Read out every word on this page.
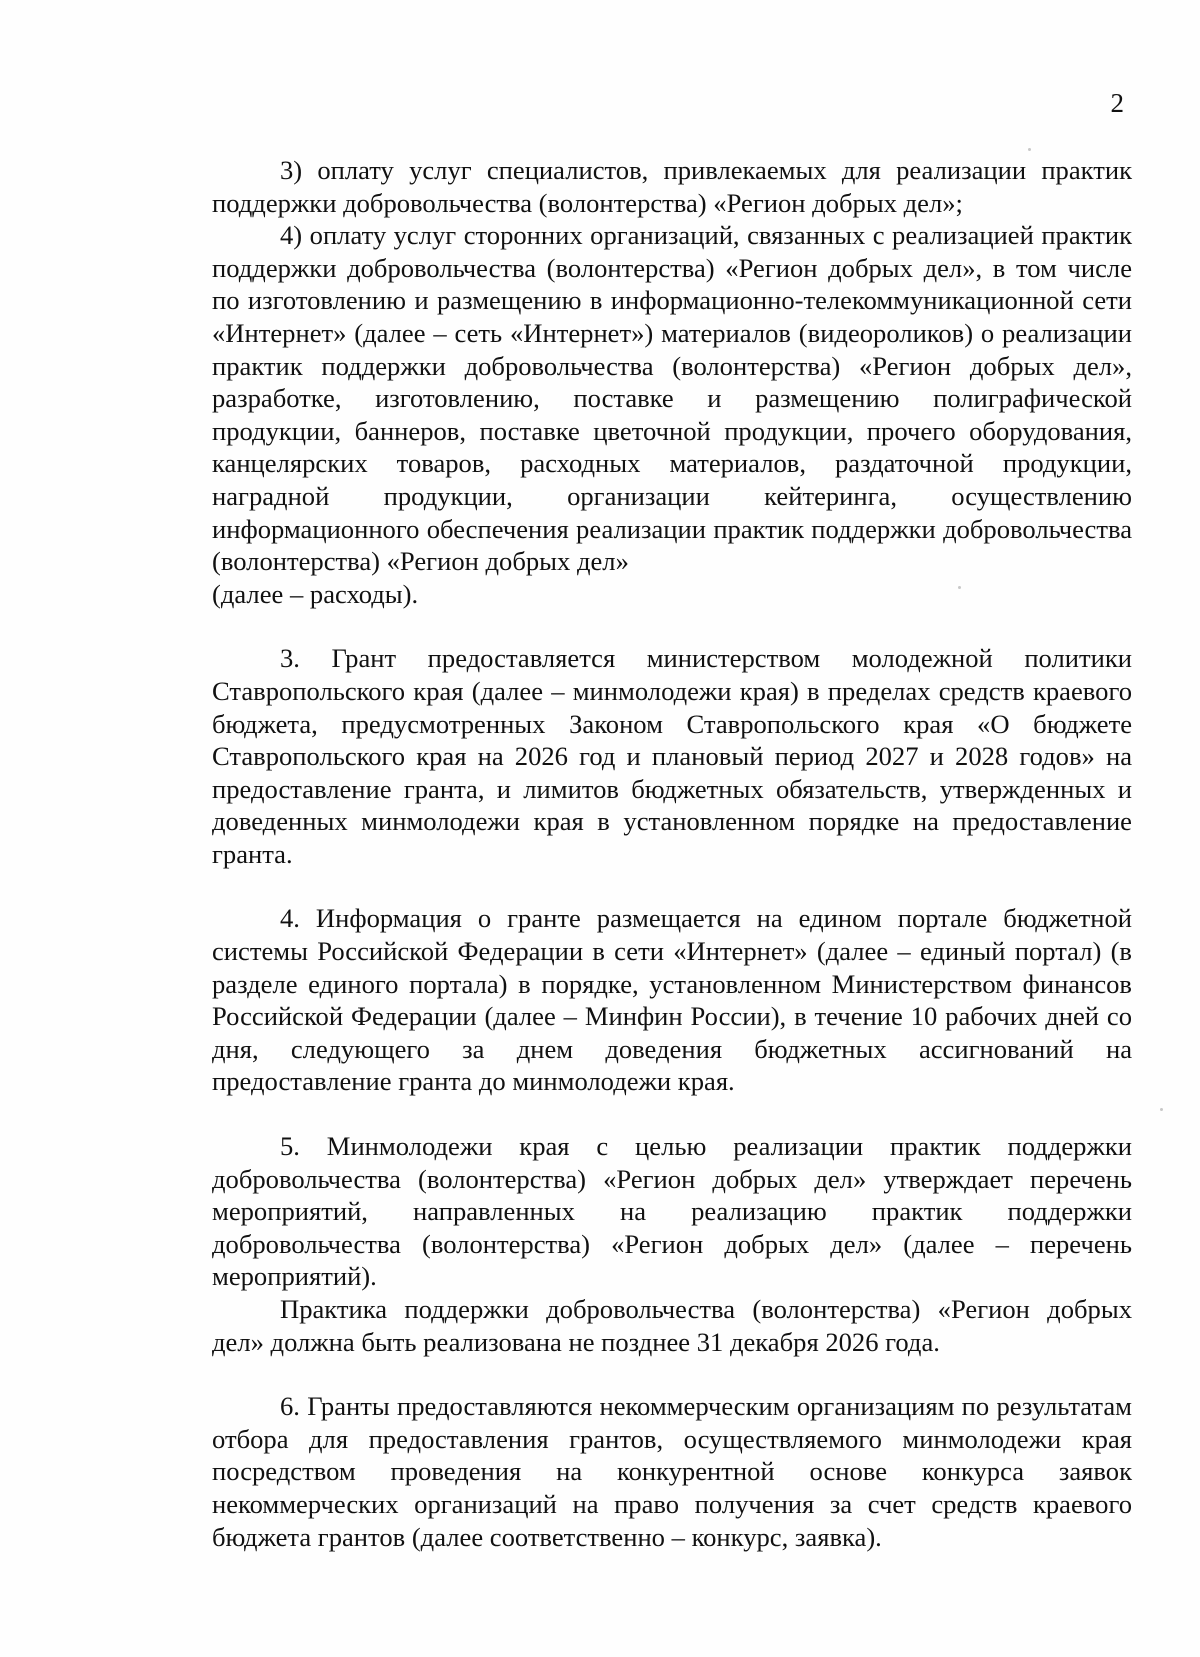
2

3) оплату услуг специалистов, привлекаемых для реализации практик поддержки добровольчества (волонтерства) «Регион добрых дел»;

4) оплату услуг сторонних организаций, связанных с реализацией практик поддержки добровольчества (волонтерства) «Регион добрых дел», в том числе по изготовлению и размещению в информационно-телекоммуникационной сети «Интернет» (далее – сеть «Интернет») материалов (видеороликов) о реализации практик поддержки добровольчества (волонтерства) «Регион добрых дел», разработке, изготовлению, поставке и размещению полиграфической продукции, баннеров, поставке цветочной продукции, прочего оборудования, канцелярских товаров, расходных материалов, раздаточной продукции, наградной продукции, организации кейтеринга, осуществлению информационного обеспечения реализации практик поддержки добровольчества (волонтерства) «Регион добрых дел»

(далее – расходы).

3. Грант предоставляется министерством молодежной политики Ставропольского края (далее – минмолодежи края) в пределах средств краевого бюджета, предусмотренных Законом Ставропольского края «О бюджете Ставропольского края на 2026 год и плановый период 2027 и 2028 годов» на предоставление гранта, и лимитов бюджетных обязательств, утвержденных и доведенных минмолодежи края в установленном порядке на предоставление гранта.

4. Информация о гранте размещается на едином портале бюджетной системы Российской Федерации в сети «Интернет» (далее – единый портал) (в разделе единого портала) в порядке, установленном Министерством финансов Российской Федерации (далее – Минфин России), в течение 10 рабочих дней со дня, следующего за днем доведения бюджетных ассигнований на предоставление гранта до минмолодежи края.

5. Минмолодежи края с целью реализации практик поддержки добровольчества (волонтерства) «Регион добрых дел» утверждает перечень мероприятий, направленных на реализацию практик поддержки добровольчества (волонтерства) «Регион добрых дел» (далее – перечень мероприятий).

Практика поддержки добровольчества (волонтерства) «Регион добрых дел» должна быть реализована не позднее 31 декабря 2026 года.

6. Гранты предоставляются некоммерческим организациям по результатам отбора для предоставления грантов, осуществляемого минмолодежи края посредством проведения на конкурентной основе конкурса заявок некоммерческих организаций на право получения за счет средств краевого бюджета грантов (далее соответственно – конкурс, заявка).
